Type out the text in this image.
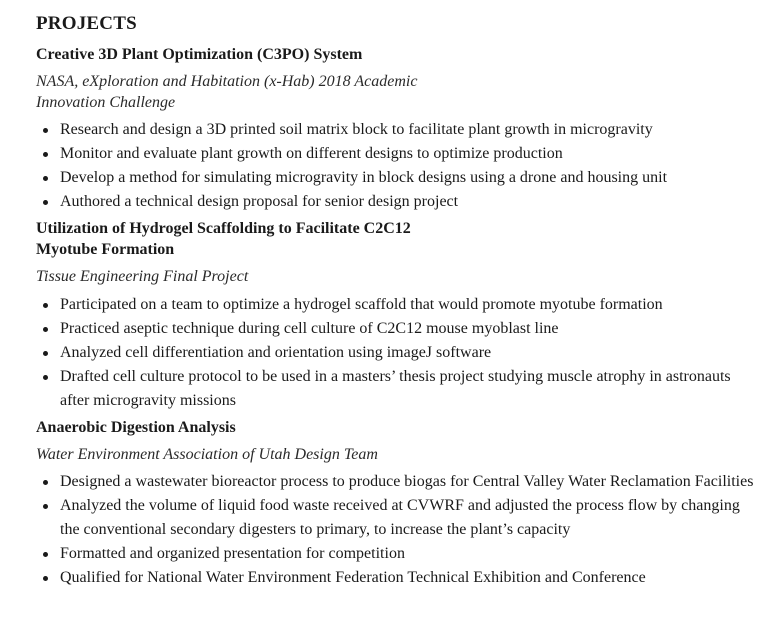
PROJECTS
Creative 3D Plant Optimization (C3PO) System
NASA, eXploration and Habitation (x-Hab) 2018 Academic
Innovation Challenge
Research and design a 3D printed soil matrix block to facilitate plant growth in microgravity
Monitor and evaluate plant growth on different designs to optimize production
Develop a method for simulating microgravity in block designs using a drone and housing unit
Authored a technical design proposal for senior design project
Utilization of Hydrogel Scaffolding to Facilitate C2C12
Myotube Formation
Tissue Engineering Final Project
Participated on a team to optimize a hydrogel scaffold that would promote myotube formation
Practiced aseptic technique during cell culture of C2C12 mouse myoblast line
Analyzed cell differentiation and orientation using imageJ software
Drafted cell culture protocol to be used in a masters’ thesis project studying muscle atrophy in astronauts after microgravity missions
Anaerobic Digestion Analysis
Water Environment Association of Utah Design Team
Designed a wastewater bioreactor process to produce biogas for Central Valley Water Reclamation Facilities
Analyzed the volume of liquid food waste received at CVWRF and adjusted the process flow by changing the conventional secondary digesters to primary, to increase the plant’s capacity
Formatted and organized presentation for competition
Qualified for National Water Environment Federation Technical Exhibition and Conference
